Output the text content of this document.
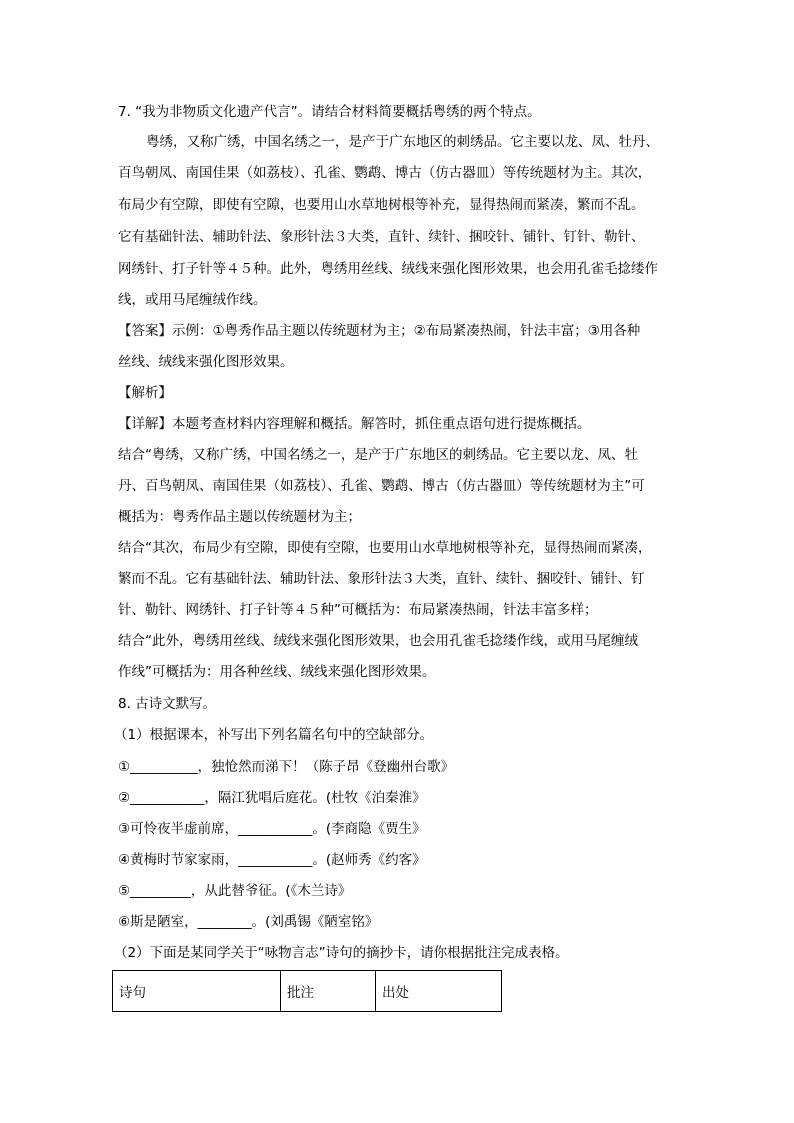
7. “我为非物质文化遗产代言”。请结合材料简要概括粤绣的两个特点。
粤绣，又称广绣，中国名绣之一，是产于广东地区的刺绣品。它主要以龙、凤、牡丹、
百鸟朝凤、南国佳果（如荔枝）、孔雀、鹦鹉、博古（仿古器皿）等传统题材为主。其次，
布局少有空隙，即使有空隙，也要用山水草地树根等补充，显得热闹而紧凑，繁而不乱。
它有基础针法、辅助针法、象形针法３大类，直针、续针、捆咬针、铺针、钉针、勒针、
网绣针、打子针等４５种。此外，粤绣用丝线、绒线来强化图形效果，也会用孔雀毛捻缕作
线，或用马尾缠绒作线。
【答案】示例：①粤秀作品主题以传统题材为主；②布局紧凑热闹，针法丰富；③用各种
丝线、绒线来强化图形效果。
【解析】
【详解】本题考查材料内容理解和概括。解答时，抓住重点语句进行提炼概括。
结合“粤绣，又称广绣，中国名绣之一，是产于广东地区的刺绣品。它主要以龙、凤、牡
丹、百鸟朝凤、南国佳果（如荔枝）、孔雀、鹦鹉、博古（仿古器皿）等传统题材为主”可
概括为：粤秀作品主题以传统题材为主；
结合“其次，布局少有空隙，即使有空隙，也要用山水草地树根等补充，显得热闹而紧凑，
繁而不乱。它有基础针法、辅助针法、象形针法３大类，直针、续针、捆咬针、铺针、钉
针、勒针、网绣针、打子针等４５种”可概括为：布局紧凑热闹，针法丰富多样；
结合“此外，粤绣用丝线、绒线来强化图形效果，也会用孔雀毛捻缕作线，或用马尾缠绒
作线”可概括为：用各种丝线、绒线来强化图形效果。
8. 古诗文默写。
（1）根据课本，补写出下列名篇名句中的空缺部分。
①__________，独怆然而涕下！（陈子昂《登幽州台歌》
②___________，隔江犹唱后庭花。(杜牧《泊秦淮》
③可怜夜半虚前席，___________。(李商隐《贾生》
④黄梅时节家家雨，___________。(赵师秀《约客》
⑤_________，从此替爷征。(《木兰诗》
⑥斯是陋室，________。(刘禹锡《陋室铭》
（2）下面是某同学关于“咏物言志”诗句的摘抄卡，请你根据批注完成表格。
诗句	批注	出处
